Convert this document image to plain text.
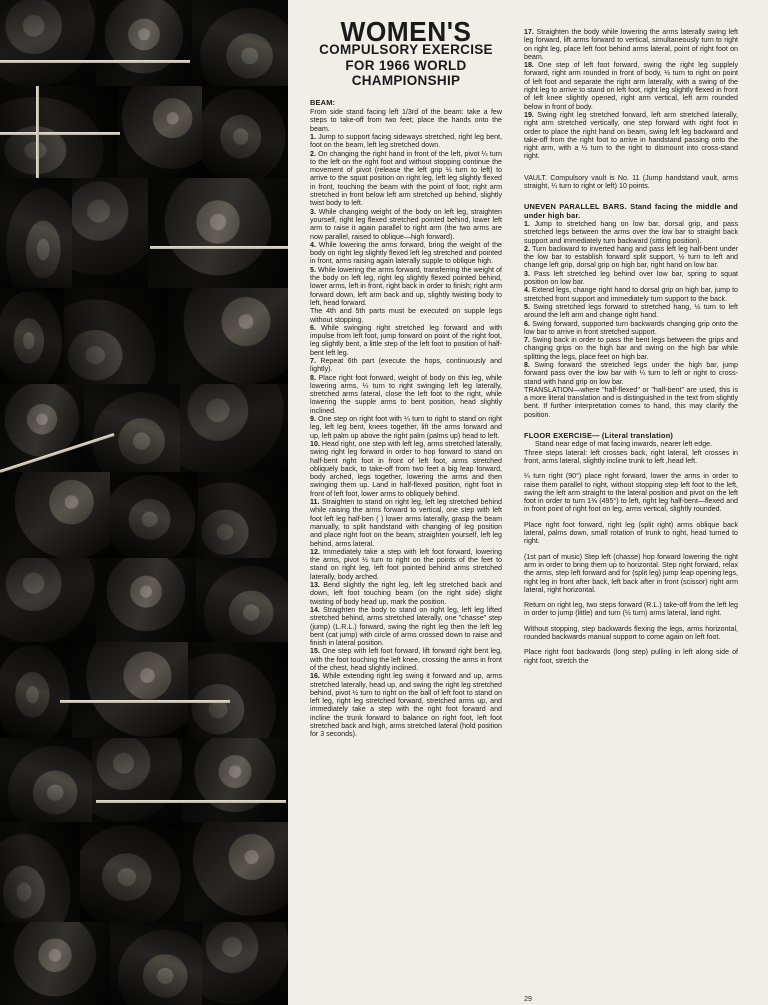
WOMEN'S

COMPULSORY EXERCISE

FOR 1966 WORLD

CHAMPIONSHIP

BEAM:

From side stand facing left 1/3rd of the beam: take a few steps to take-off from two feet; place the hands onto the beam.

1. Jump to support facing sideways stretched, right leg bent, foot on the beam, left leg stretched down.

2. On changing the right hand in front of the left, pivot ¼ turn to the left on the right foot and without stopping continue the movement of pivot (release the left grip ½ turn to left) to arrive to the squat position on right leg, left leg slightly flexed in front, touching the beam with the point of foot; right arm stretched in front below left arm stretched up behind, slightly twist body to left.

3. While changing weight of the body on left leg, straighten yourself, right leg flexed stretched pointed behind, lower left arm to raise it again parallel to right arm (the two arms are now parallel, raised to oblique—high forward).

4. While lowering the arms forward, bring the weight of the body on right leg slightly flexed left leg stretched and pointed in front, arms raising again laterally supple to oblique high.

5. While lowering the arms forward, transferring the weight of the body on left leg, right leg slightly flexed pointed behind, lower arms, left in front, right back in order to finish; right arm forward down, left arm back and up, slightly twisting body to left, head forward.

The 4th and 5th parts must be executed on supple legs without stopping.

6. While swinging right stretched leg forward and with impulse from left foot, jump forward on point of the right foot, leg slightly bent, a little step of the left foot to position of half-bent left leg.

7. Repeat 6th part (execute the hops, continuously and lightly).

8. Place right foot forward, weight of body on this leg, while lowering arms, ¼ turn to right swinging left leg laterally, stretched arms lateral, close the left foot to the right, while lowering the supple arms to bent position, head slightly inclined.

9. One step on right foot with ¼ turn to right to stand on right leg, left leg bent, knees together, lift the arms forward and up, left palm up above the right palm (palms up) head to left.

10. Head right, one step with left leg, arms stretched laterally, swing right leg forward in order to hop forward to stand on half-bent right foot in front of left foot, arms stretched obliquely back, to take-off from two feet a big leap forward, body arched, legs together, lowering the arms and then swinging them up. Land in half-flexed position, right foot in front of left foot, lower arms to obliquely behind.

11. Straighten to stand on right leg, left leg stretched behind while raising the arms forward to vertical, one step with left foot left leg half-ben ( ) lower arms laterally, grasp the beam manually, to split handstand with changing of leg position and place right foot on the beam, straighten yourself, left leg behind, arms lateral.

12. Immediately take a step with left foot forward, lowering the arms, pivot ½ turn to right on the points of the feet to stand on right leg, left foot pointed behind arms stretched laterally, body arched.

13. Bend slightly the right leg, left leg stretched back and down, left foot touching beam (on the right side) slight twisting of body head up, mark the position.

14. Straighten the body to stand on right leg, left leg lifted stretched behind, arms stretched laterally, one "chasse" step (jump) (L.R.L.) forward, swing the right leg then the left leg bent (cat jump) with circle of arms crossed down to raise and finish in lateral position.

15. One step with left foot forward, lift forward right bent leg, with the foot touching the left knee, crossing the arms in front of the chest, head slightly inclined.

16. While extending right leg swing it forward and up, arms stretched laterally, head up, and swing the right leg stretched behind, pivot ½ turn to right on the ball of left foot to stand on left leg, right leg stretched forward, stretched arms up, and immediately take a step with the right foot forward and incline the trunk forward to balance on right foot, left foot stretched back and high, arms stretched lateral (hold position for 3 seconds).

17. Straighten the body while lowering the arms laterally swing left leg forward, lift arms forward to vertical, simultaneously turn to right on right leg, place left foot behind arms lateral, point of right foot on beam.

18. One step of left foot forward, swing the right leg supplely forward, right arm rounded in front of body, ½ turn to right on point of left foot and separate the right arm laterally, with a swing of the right leg to arrive to stand on left foot, right leg slightly flexed in front of left knee slightly opened, right arm vertical, left arm rounded below in front of body.

19. Swing right leg stretched forward, left arm stretched laterally, right arm stretched vertically, one step forward with right foot in order to place the right hand on beam, swing left leg backward and take-off from the right foot to arrive in handstand passing onto the right arm, with a ½ turn to the right to dismount into cross-stand right.

VAULT. Compulsory vault is No. 11 (Jump handstand vault, arms straight, ¼ turn to right or left) 10 points.

UNEVEN PARALLEL BARS. Stand facing the middle and under high bar.

1. Jump to stretched hang on low bar, dorsal grip, and pass stretched legs between the arms over the low bar to straight back support and immediately turn backward (sitting position).

2. Turn backward to inverted hang and pass left leg half-bent under the low bar to establish forward split support, ½ turn to left and change left grip, dorsal grip on high bar, right hand on low bar.

3. Pass left stretched leg behind over low bar, spring to squat position on low bar.

4. Extend legs, change right hand to dorsal grip on high bar, jump to stretched front support and immediately turn support to the back.

5. Swing stretched legs forward to stretched hang, ½ turn to left around the left arm and change right hand.

6. Swing forward, supported turn backwards changing grip onto the low bar to arrive in front stretched support.

7. Swing back in order to pass the bent legs between the grips and changing grips on the high bar and swing on the high bar while splitting the legs, place feet on high bar.

8. Swing forward the stretched legs under the high bar, jump forward pass over the low bar with ¼ turn to left or right to cross-stand with hand grip on low bar.

TRANSLATION—where "half-flexed" or "half-bent" are used, this is a more literal translation and is distinguished in the text from slightly bent. If further interpretation comes to hand, this may clarify the position.

FLOOR EXERCISE— (Literal translation)

Stand near edge of mat facing inwards, nearer left edge.

Three steps lateral: left crosses back, right lateral, left crosses in front, arms lateral, slightly incline trunk to left ,head left.

¼ turn right (90°) place right forward, lower the arms in order to raise them parallel to right, without stopping step left foot to the left, swing the left arm straight to the lateral position and pivot on the left foot in order to turn 1⅜ (495°) to left, right leg half-bent—flexed and in front point of right foot on leg, arms vertical, slightly rounded.

Place right foot forward, right leg (split right) arms oblique back lateral, palms down, small rotation of trunk to right, head turned to right.

(1st part of music) Step left (chasse) hop forward lowering the right arm in order to bring them up to horizontal. Step right forward, relax the arms, step left forward and for (split leg) jump leap opening legs, right leg in front after back, left back after in front (scissor) right arm lateral, right horizontal.

Return on right leg, two steps forward (R.L.) take-off from the left leg in order to jump (little) and turn (½ turn) arms lateral, land right.

Without stopping, step backwards flexing the legs, arms horizontal, rounded backwards manual support to come again on left foot.

Place right foot backwards (long step) pulling in left along side of right foot, stretch the

29
